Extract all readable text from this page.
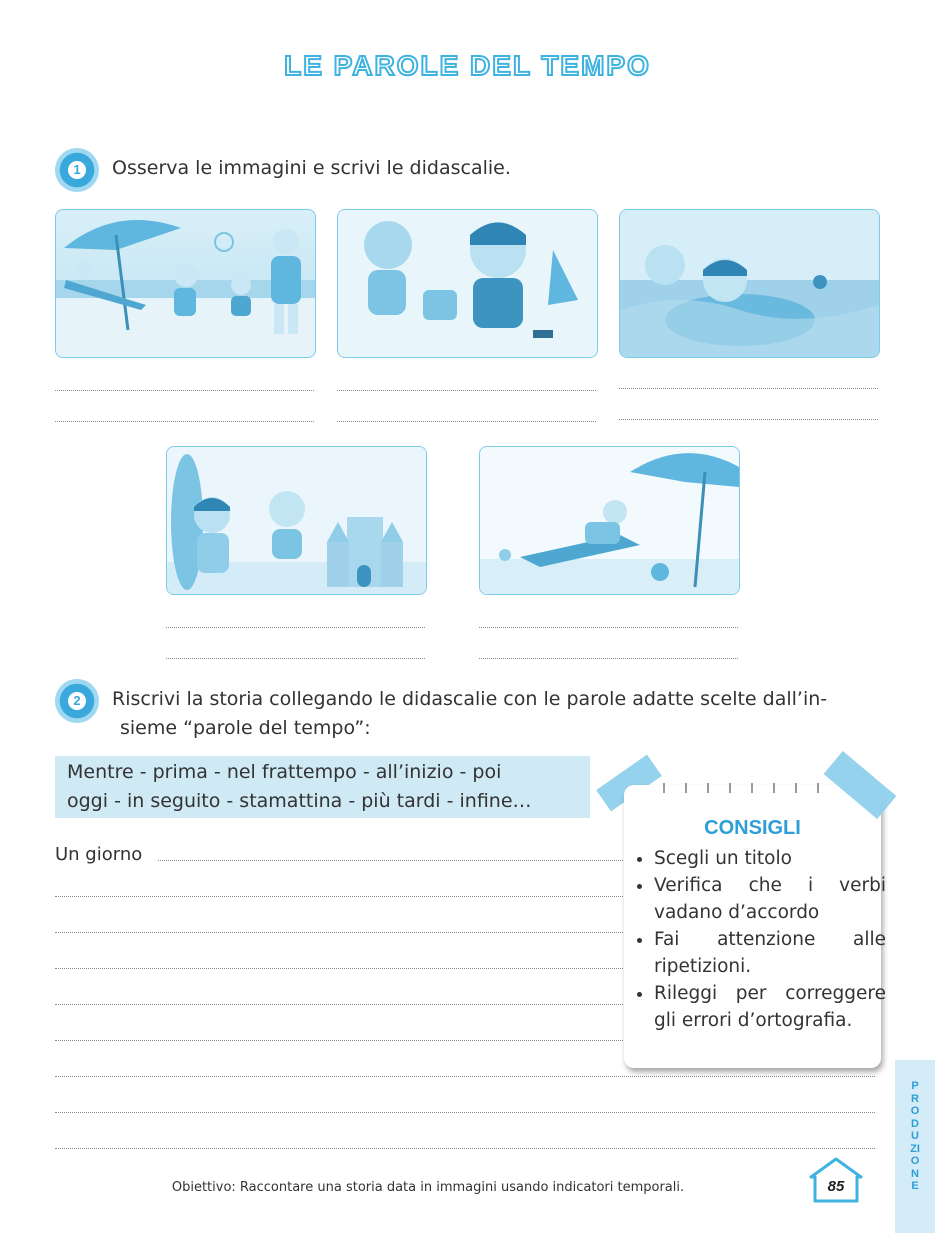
LE PAROLE DEL TEMPO
1 Osserva le immagini e scrivi le didascalie.
2 Riscrivi la storia collegando le didascalie con le parole adatte scelte dall’in-
sieme “parole del tempo”:
Mentre - prima - nel frattempo - all’inizio - poi
oggi - in seguito - stamattina - più tardi - infine…
Un giorno
CONSIGLI
• Scegli un titolo
• Verifica che i verbi vadano d’accordo
• Fai attenzione alle ripetizioni.
• Rileggi per correggere gli errori d’ortografia.
PRODUZIONE
Obiettivo: Raccontare una storia data in immagini usando indicatori temporali.	85
